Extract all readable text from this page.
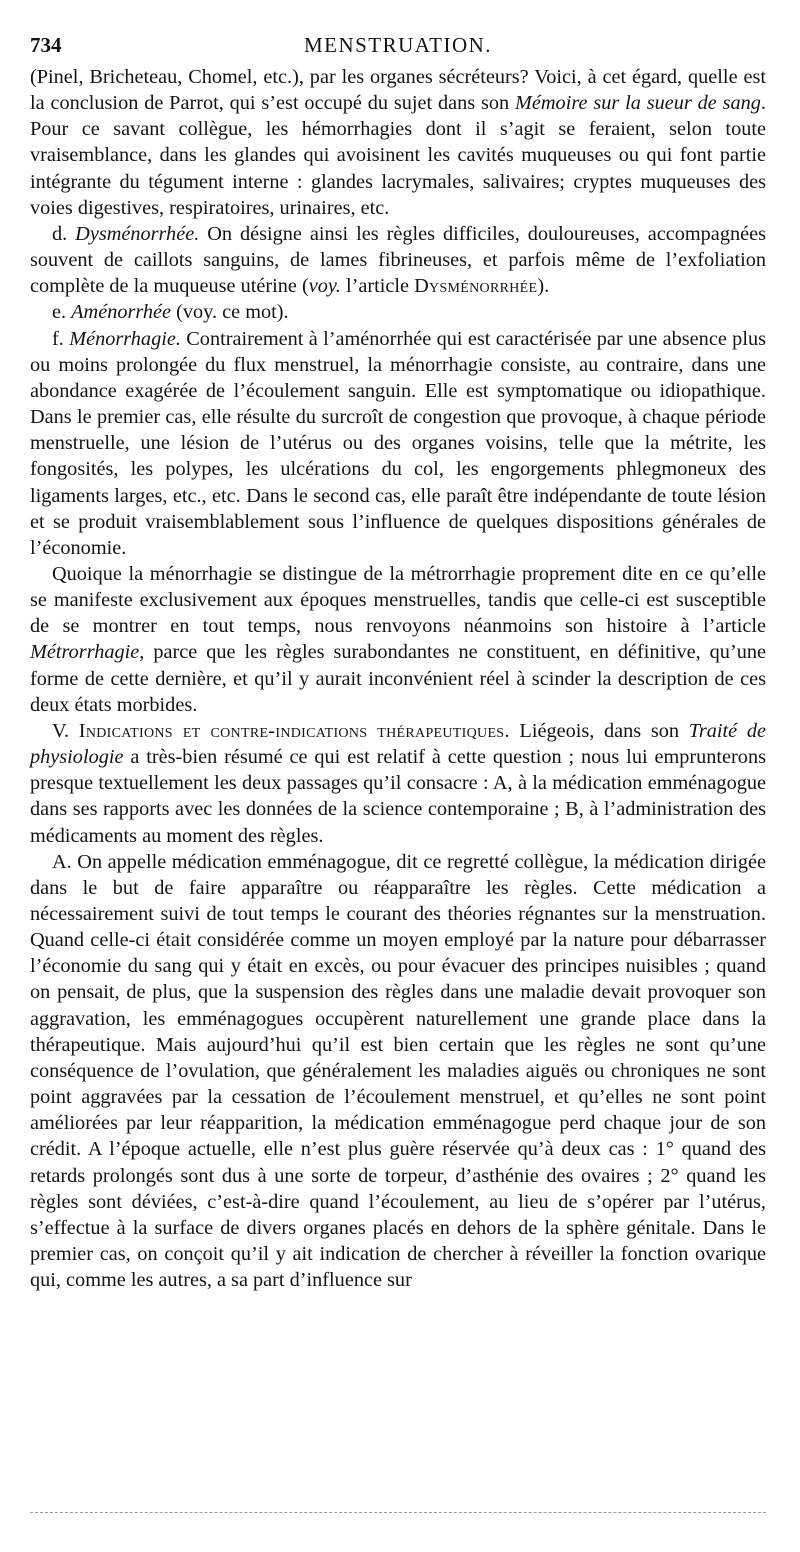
734	MENSTRUATION.

(Pinel, Bricheteau, Chomel, etc.), par les organes sécréteurs? Voici, à cet égard, quelle est la conclusion de Parrot, qui s’est occupé du sujet dans son Mémoire sur la sueur de sang. Pour ce savant collègue, les hémorrhagies dont il s’agit se feraient, selon toute vraisemblance, dans les glandes qui avoisinent les cavités muqueuses ou qui font partie intégrante du tégument interne : glandes lacrymales, salivaires; cryptes muqueuses des voies digestives, respiratoires, urinaires, etc.

d. Dysménorrhée. On désigne ainsi les règles difficiles, douloureuses, accompagnées souvent de caillots sanguins, de lames fibrineuses, et parfois même de l’exfoliation complète de la muqueuse utérine (voy. l’article Dysménorrhée).

e. Aménorrhée (voy. ce mot).

f. Ménorrhagie. Contrairement à l’aménorrhée qui est caractérisée par une absence plus ou moins prolongée du flux menstruel, la ménorrhagie consiste, au contraire, dans une abondance exagérée de l’écoulement sanguin. Elle est symptomatique ou idiopathique. Dans le premier cas, elle résulte du surcroît de congestion que provoque, à chaque période menstruelle, une lésion de l’utérus ou des organes voisins, telle que la métrite, les fongosités, les polypes, les ulcérations du col, les engorgements phlegmoneux des ligaments larges, etc., etc. Dans le second cas, elle paraît être indépendante de toute lésion et se produit vraisemblablement sous l’influence de quelques dispositions générales de l’économie.

Quoique la ménorrhagie se distingue de la métrorrhagie proprement dite en ce qu’elle se manifeste exclusivement aux époques menstruelles, tandis que celle-ci est susceptible de se montrer en tout temps, nous renvoyons néanmoins son histoire à l’article Métrorrhagie, parce que les règles surabondantes ne constituent, en définitive, qu’une forme de cette dernière, et qu’il y aurait inconvénient réel à scinder la description de ces deux états morbides.

V. Indications et contre-indications thérapeutiques. Liégeois, dans son Traité de physiologie a très-bien résumé ce qui est relatif à cette question ; nous lui emprunterons presque textuellement les deux passages qu’il consacre : A, à la médication emménagogue dans ses rapports avec les données de la science contemporaine ; B, à l’administration des médicaments au moment des règles.

A. On appelle médication emménagogue, dit ce regretté collègue, la médication dirigée dans le but de faire apparaître ou réapparaître les règles. Cette médication a nécessairement suivi de tout temps le courant des théories régnantes sur la menstruation. Quand celle-ci était considérée comme un moyen employé par la nature pour débarrasser l’économie du sang qui y était en excès, ou pour évacuer des principes nuisibles ; quand on pensait, de plus, que la suspension des règles dans une maladie devait provoquer son aggravation, les emménagogues occupèrent naturellement une grande place dans la thérapeutique. Mais aujourd’hui qu’il est bien certain que les règles ne sont qu’une conséquence de l’ovulation, que généralement les maladies aiguës ou chroniques ne sont point aggravées par la cessation de l’écoulement menstruel, et qu’elles ne sont point améliorées par leur réapparition, la médication emménagogue perd chaque jour de son crédit. A l’époque actuelle, elle n’est plus guère réservée qu’à deux cas : 1° quand des retards prolongés sont dus à une sorte de torpeur, d’asthénie des ovaires ; 2° quand les règles sont déviées, c’est-à-dire quand l’écoulement, au lieu de s’opérer par l’utérus, s’effectue à la surface de divers organes placés en dehors de la sphère génitale. Dans le premier cas, on conçoit qu’il y ait indication de chercher à réveiller la fonction ovarique qui, comme les autres, a sa part d’influence sur
